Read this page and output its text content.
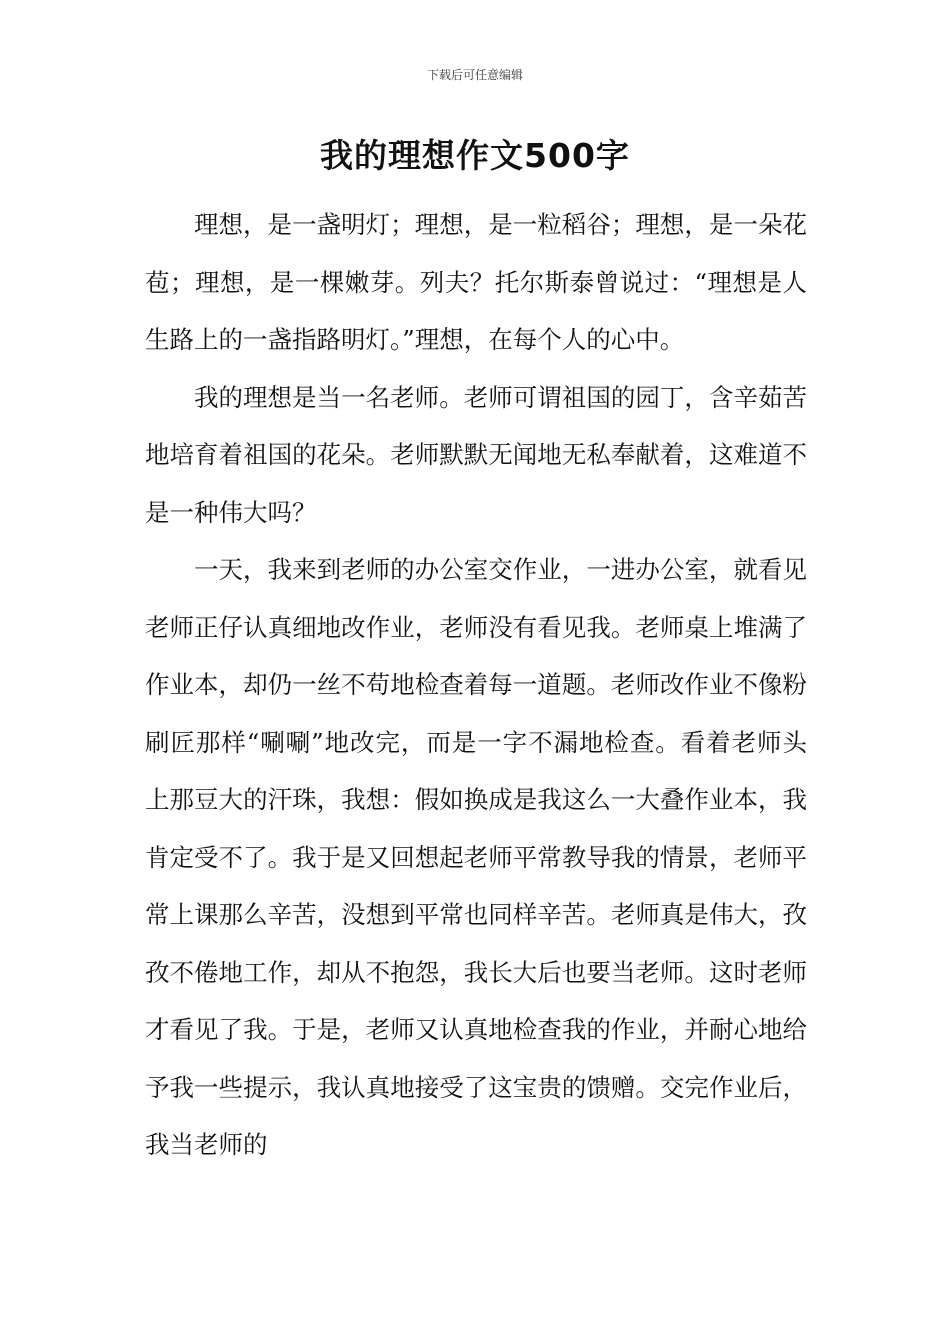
下载后可任意编辑
我的理想作文500字

理想，是一盏明灯；理想，是一粒稻谷；理想，是一朵花苞；理想，是一棵嫩芽。列夫？托尔斯泰曾说过：“理想是人生路上的一盏指路明灯。”理想，在每个人的心中。

我的理想是当一名老师。老师可谓祖国的园丁，含辛茹苦地培育着祖国的花朵。老师默默无闻地无私奉献着，这难道不是一种伟大吗？

一天，我来到老师的办公室交作业，一进办公室，就看见老师正仔认真细地改作业，老师没有看见我。老师桌上堆满了作业本，却仍一丝不苟地检查着每一道题。老师改作业不像粉刷匠那样“唰唰”地改完，而是一字不漏地检查。看着老师头上那豆大的汗珠，我想：假如换成是我这么一大叠作业本，我肯定受不了。我于是又回想起老师平常教导我的情景，老师平常上课那么辛苦，没想到平常也同样辛苦。老师真是伟大，孜孜不倦地工作，却从不抱怨，我长大后也要当老师。这时老师才看见了我。于是，老师又认真地检查我的作业，并耐心地给予我一些提示，我认真地接受了这宝贵的馈赠。交完作业后，我当老师的
